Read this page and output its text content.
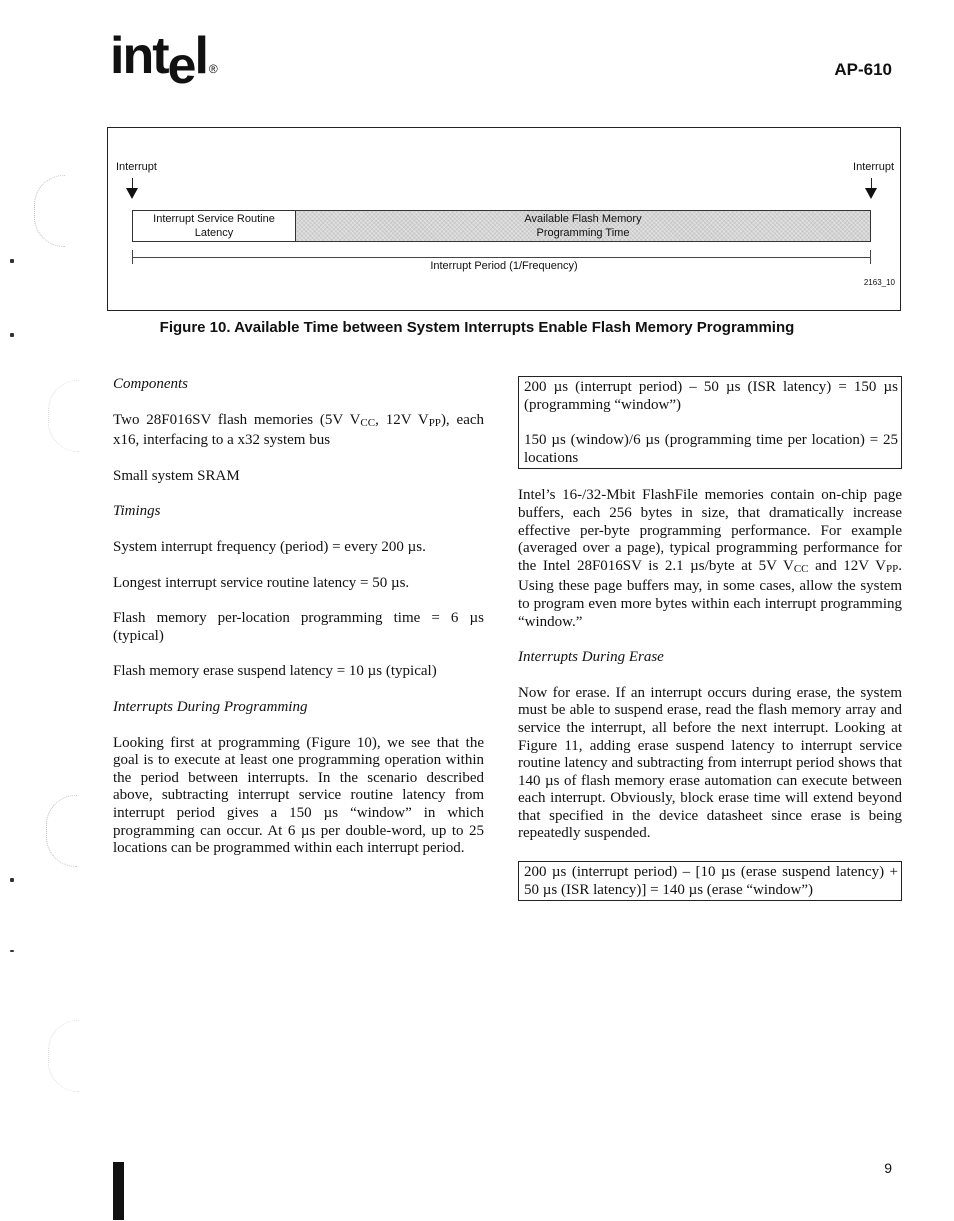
intel ®	AP-610
Interrupt	Interrupt
Interrupt Service Routine
Latency
Available Flash Memory
Programming Time
Interrupt Period (1/Frequency)
2163_10
Figure 10. Available Time between System Interrupts Enable Flash Memory Programming

Components

Two 28F016SV flash memories (5V VCC, 12V VPP), each x16, interfacing to a x32 system bus

Small system SRAM

Timings

System interrupt frequency (period) = every 200 µs.

Longest interrupt service routine latency = 50 µs.

Flash memory per-location programming time = 6 µs (typical)

Flash memory erase suspend latency = 10 µs (typical)

Interrupts During Programming

Looking first at programming (Figure 10), we see that the goal is to execute at least one programming operation within the period between interrupts. In the scenario described above, subtracting interrupt service routine latency from interrupt period gives a 150 µs “window” in which programming can occur. At 6 µs per double-word, up to 25 locations can be programmed within each interrupt period.

200 µs (interrupt period) – 50 µs (ISR latency) = 150 µs (programming “window”)

150 µs (window)/6 µs (programming time per location) = 25 locations

Intel’s 16-/32-Mbit FlashFile memories contain on-chip page buffers, each 256 bytes in size, that dramatically increase effective per-byte programming performance. For example (averaged over a page), typical programming performance for the Intel 28F016SV is 2.1 µs/byte at 5V VCC and 12V VPP. Using these page buffers may, in some cases, allow the system to program even more bytes within each interrupt programming “window.”

Interrupts During Erase

Now for erase. If an interrupt occurs during erase, the system must be able to suspend erase, read the flash memory array and service the interrupt, all before the next interrupt. Looking at Figure 11, adding erase suspend latency to interrupt service routine latency and subtracting from interrupt period shows that 140 µs of flash memory erase automation can execute between each interrupt. Obviously, block erase time will extend beyond that specified in the device datasheet since erase is being repeatedly suspended.

200 µs (interrupt period) – [10 µs (erase suspend latency) + 50 µs (ISR latency)] = 140 µs (erase “window”)

9
